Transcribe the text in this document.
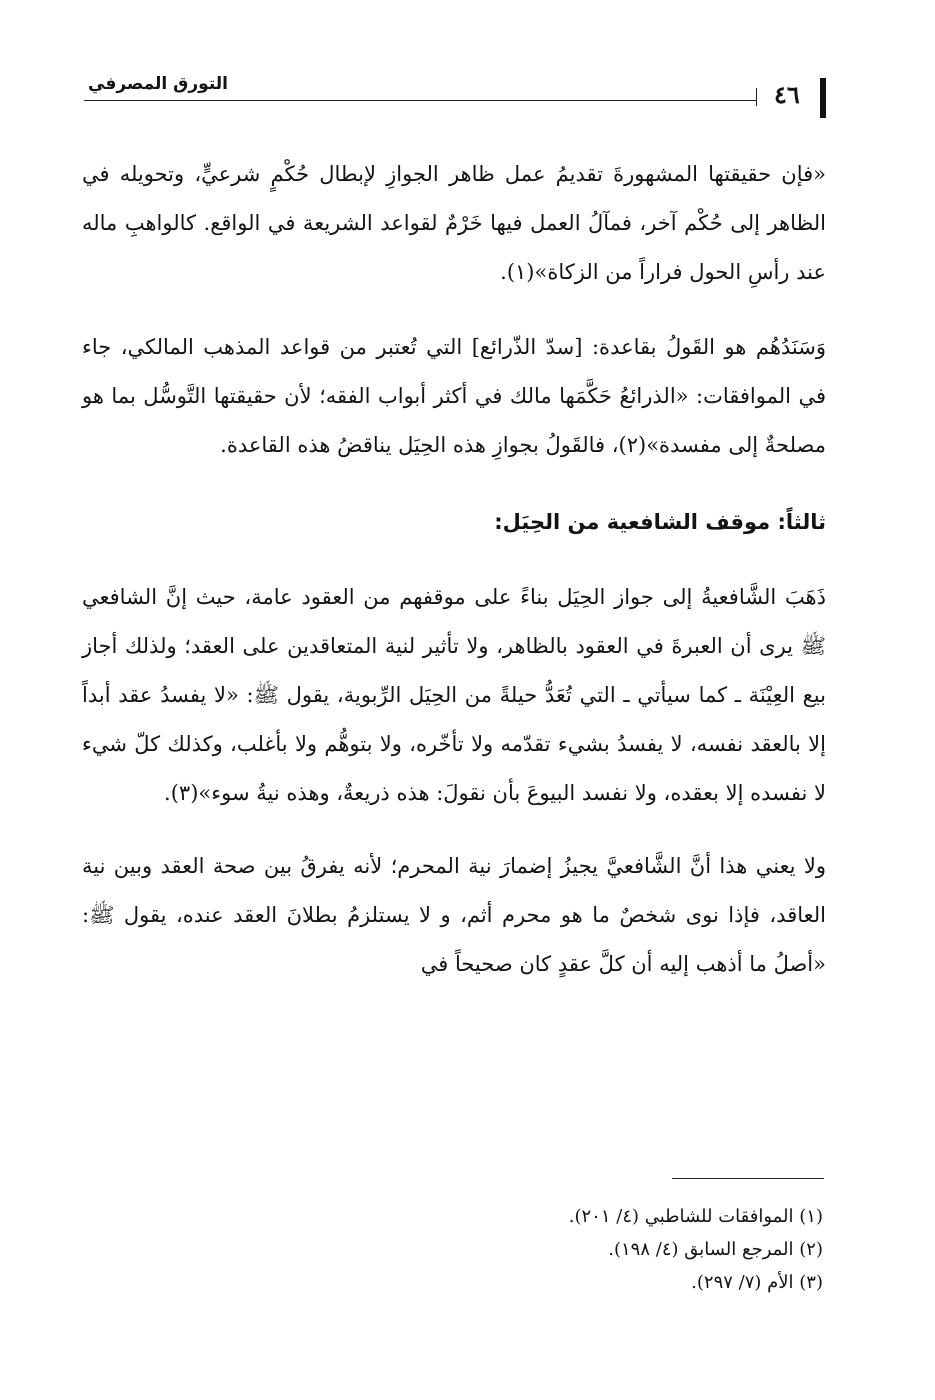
التورق المصرفي	٤٦

«فإن حقيقتها المشهورةَ تقديمُ عمل ظاهر الجوازِ لإبطال حُكْمٍ شرعيٍّ، وتحويله في الظاهر إلى حُكْم آخر، فمآلُ العمل فيها خَرْمٌ لقواعد الشريعة في الواقع. كالواهبِ ماله عند رأسِ الحول فراراً من الزكاة»(١).

وَسَنَدُهُم هو القَولُ بقاعدة: [سدّ الذّرائع] التي تُعتبر من قواعد المذهب المالكي، جاء في الموافقات: «الذرائعُ حَكَّمَها مالك في أكثر أبواب الفقه؛ لأن حقيقتها التَّوسُّل بما هو مصلحةٌ إلى مفسدة»(٢)، فالقَولُ بجوازِ هذه الحِيَل يناقضُ هذه القاعدة.

ثالثاً: موقف الشافعية من الحِيَل:

ذَهَبَ الشَّافعيةُ إلى جواز الحِيَل بناءً على موقفهم من العقود عامة، حيث إنَّ الشافعي ﷺ يرى أن العبرةَ في العقود بالظاهر، ولا تأثير لنية المتعاقدين على العقد؛ ولذلك أجاز بيع العِيْنَة ـ كما سيأتي ـ التي تُعَدُّ حيلةً من الحِيَل الرِّبوية، يقول ﷺ: «لا يفسدُ عقد أبداً إلا بالعقد نفسه، لا يفسدُ بشيء تقدّمه ولا تأخّره، ولا بتوهُّم ولا بأغلب، وكذلك كلّ شيء لا نفسده إلا بعقده، ولا نفسد البيوعَ بأن نقولَ: هذه ذريعةٌ، وهذه نيةُ سوء»(٣).

ولا يعني هذا أنَّ الشَّافعيَّ يجيزُ إضمارَ نية المحرم؛ لأنه يفرقُ بين صحة العقد وبين نية العاقد، فإذا نوى شخصٌ ما هو محرم أثم، و لا يستلزمُ بطلانَ العقد عنده، يقول ﷺ: «أصلُ ما أذهب إليه أن كلَّ عقدٍ كان صحيحاً في

(١) الموافقات للشاطبي (٤/ ٢٠١).
(٢) المرجع السابق (٤/ ١٩٨).
(٣) الأم (٧/ ٢٩٧).
